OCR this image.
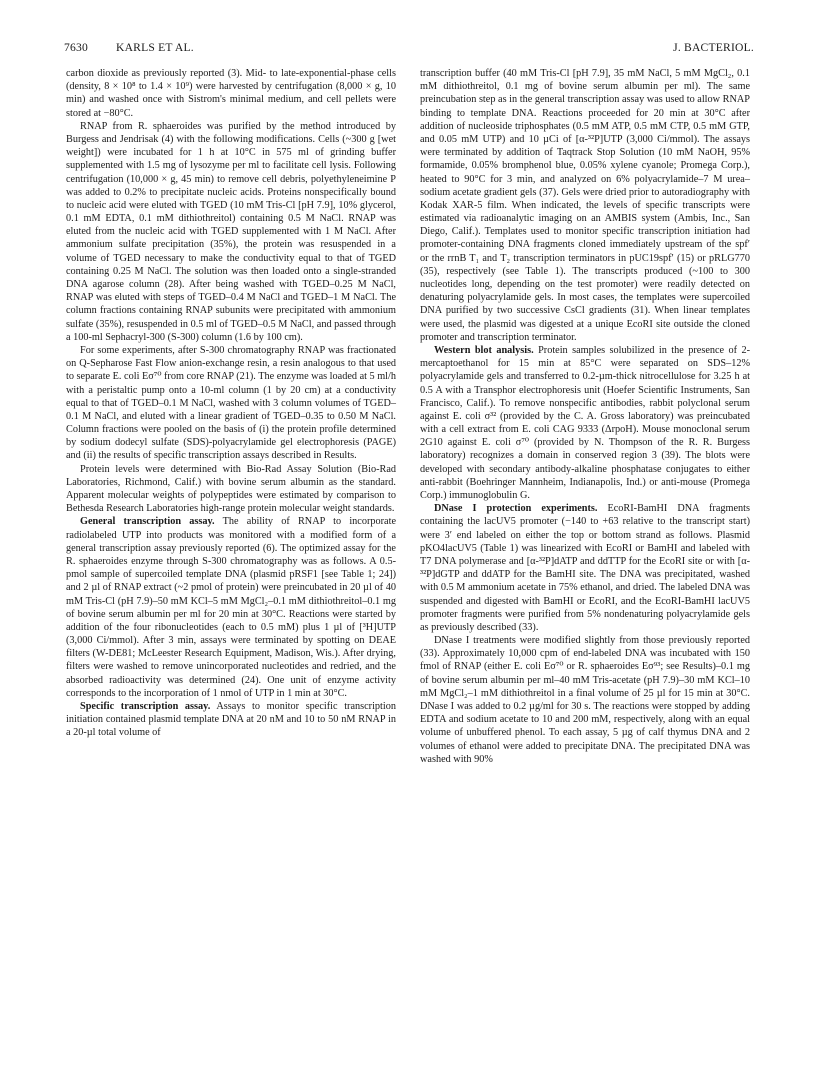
7630 KARLS ET AL.	J. BACTERIOL.

carbon dioxide as previously reported (3). Mid- to late-exponential-phase cells (density, 8 × 10⁸ to 1.4 × 10⁹) were harvested by centrifugation (8,000 × g, 10 min) and washed once with Sistrom's minimal medium, and cell pellets were stored at −80°C.

RNAP from R. sphaeroides was purified by the method introduced by Burgess and Jendrisak (4) with the following modifications. Cells (~300 g [wet weight]) were incubated for 1 h at 10°C in 575 ml of grinding buffer supplemented with 1.5 mg of lysozyme per ml to facilitate cell lysis. Following centrifugation (10,000 × g, 45 min) to remove cell debris, polyethyleneimine P was added to 0.2% to precipitate nucleic acids. Proteins nonspecifically bound to nucleic acid were eluted with TGED (10 mM Tris-Cl [pH 7.9], 10% glycerol, 0.1 mM EDTA, 0.1 mM dithiothreitol) containing 0.5 M NaCl. RNAP was eluted from the nucleic acid with TGED supplemented with 1 M NaCl. After ammonium sulfate precipitation (35%), the protein was resuspended in a volume of TGED necessary to make the conductivity equal to that of TGED containing 0.25 M NaCl. The solution was then loaded onto a single-stranded DNA agarose column (28). After being washed with TGED–0.25 M NaCl, RNAP was eluted with steps of TGED–0.4 M NaCl and TGED–1 M NaCl. The column fractions containing RNAP subunits were precipitated with ammonium sulfate (35%), resuspended in 0.5 ml of TGED–0.5 M NaCl, and passed through a 100-ml Sephacryl-300 (S-300) column (1.6 by 100 cm).

For some experiments, after S-300 chromatography RNAP was fractionated on Q-Sepharose Fast Flow anion-exchange resin, a resin analogous to that used to separate E. coli Eσ⁷⁰ from core RNAP (21). The enzyme was loaded at 5 ml/h with a peristaltic pump onto a 10-ml column (1 by 20 cm) at a conductivity equal to that of TGED–0.1 M NaCl, washed with 3 column volumes of TGED–0.1 M NaCl, and eluted with a linear gradient of TGED–0.35 to 0.50 M NaCl. Column fractions were pooled on the basis of (i) the protein profile determined by sodium dodecyl sulfate (SDS)-polyacrylamide gel electrophoresis (PAGE) and (ii) the results of specific transcription assays described in Results.

Protein levels were determined with Bio-Rad Assay Solution (Bio-Rad Laboratories, Richmond, Calif.) with bovine serum albumin as the standard. Apparent molecular weights of polypeptides were estimated by comparison to Bethesda Research Laboratories high-range protein molecular weight standards.

General transcription assay. The ability of RNAP to incorporate radiolabeled UTP into products was monitored with a modified form of a general transcription assay previously reported (6). The optimized assay for the R. sphaeroides enzyme through S-300 chromatography was as follows. A 0.5-pmol sample of supercoiled template DNA (plasmid pRSF1 [see Table 1; 24]) and 2 µl of RNAP extract (~2 pmol of protein) were preincubated in 20 µl of 40 mM Tris-Cl (pH 7.9)–50 mM KCl–5 mM MgCl₂–0.1 mM dithiothreitol–0.1 mg of bovine serum albumin per ml for 20 min at 30°C. Reactions were started by addition of the four ribonucleotides (each to 0.5 mM) plus 1 µl of [³H]UTP (3,000 Ci/mmol). After 3 min, assays were terminated by spotting on DEAE filters (W-DE81; McLeester Research Equipment, Madison, Wis.). After drying, filters were washed to remove unincorporated nucleotides and redried, and the absorbed radioactivity was determined (24). One unit of enzyme activity corresponds to the incorporation of 1 nmol of UTP in 1 min at 30°C.

Specific transcription assay. Assays to monitor specific transcription initiation contained plasmid template DNA at 20 nM and 10 to 50 nM RNAP in a 20-µl total volume of

transcription buffer (40 mM Tris-Cl [pH 7.9], 35 mM NaCl, 5 mM MgCl₂, 0.1 mM dithiothreitol, 0.1 mg of bovine serum albumin per ml). The same preincubation step as in the general transcription assay was used to allow RNAP binding to template DNA. Reactions proceeded for 20 min at 30°C after addition of nucleoside triphosphates (0.5 mM ATP, 0.5 mM CTP, 0.5 mM GTP, and 0.05 mM UTP) and 10 µCi of [α-³²P]UTP (3,000 Ci/mmol). The assays were terminated by addition of Taqtrack Stop Solution (10 mM NaOH, 95% formamide, 0.05% bromphenol blue, 0.05% xylene cyanole; Promega Corp.), heated to 90°C for 3 min, and analyzed on 6% polyacrylamide–7 M urea–sodium acetate gradient gels (37). Gels were dried prior to autoradiography with Kodak XAR-5 film. When indicated, the levels of specific transcripts were estimated via radioanalytic imaging on an AMBIS system (Ambis, Inc., San Diego, Calif.). Templates used to monitor specific transcription initiation had promoter-containing DNA fragments cloned immediately upstream of the spf′ or the rrnB T₁ and T₂ transcription terminators in pUC19spf′ (15) or pRLG770 (35), respectively (see Table 1). The transcripts produced (~100 to 300 nucleotides long, depending on the test promoter) were readily detected on denaturing polyacrylamide gels. In most cases, the templates were supercoiled DNA purified by two successive CsCl gradients (31). When linear templates were used, the plasmid was digested at a unique EcoRI site outside the cloned promoter and transcription terminator.

Western blot analysis. Protein samples solubilized in the presence of 2-mercaptoethanol for 15 min at 85°C were separated on SDS–12% polyacrylamide gels and transferred to 0.2-µm-thick nitrocellulose for 3.25 h at 0.5 A with a Transphor electrophoresis unit (Hoefer Scientific Instruments, San Francisco, Calif.). To remove nonspecific antibodies, rabbit polyclonal serum against E. coli σ³² (provided by the C. A. Gross laboratory) was preincubated with a cell extract from E. coli CAG 9333 (ΔrpoH). Mouse monoclonal serum 2G10 against E. coli σ⁷⁰ (provided by N. Thompson of the R. R. Burgess laboratory) recognizes a domain in conserved region 3 (39). The blots were developed with secondary antibody-alkaline phosphatase conjugates to either anti-rabbit (Boehringer Mannheim, Indianapolis, Ind.) or anti-mouse (Promega Corp.) immunoglobulin G.

DNase I protection experiments. EcoRI-BamHI DNA fragments containing the lacUV5 promoter (−140 to +63 relative to the transcript start) were 3′ end labeled on either the top or bottom strand as follows. Plasmid pKO4lacUV5 (Table 1) was linearized with EcoRI or BamHI and labeled with T7 DNA polymerase and [α-³²P]dATP and ddTTP for the EcoRI site or with [α-³²P]dGTP and ddATP for the BamHI site. The DNA was precipitated, washed with 0.5 M ammonium acetate in 75% ethanol, and dried. The labeled DNA was suspended and digested with BamHI or EcoRI, and the EcoRI-BamHI lacUV5 promoter fragments were purified from 5% nondenaturing polyacrylamide gels as previously described (33).

DNase I treatments were modified slightly from those previously reported (33). Approximately 10,000 cpm of end-labeled DNA was incubated with 150 fmol of RNAP (either E. coli Eσ⁷⁰ or R. sphaeroides Eσ⁹³; see Results)–0.1 mg of bovine serum albumin per ml–40 mM Tris-acetate (pH 7.9)–30 mM KCl–10 mM MgCl₂–1 mM dithiothreitol in a final volume of 25 µl for 15 min at 30°C. DNase I was added to 0.2 µg/ml for 30 s. The reactions were stopped by adding EDTA and sodium acetate to 10 and 200 mM, respectively, along with an equal volume of unbuffered phenol. To each assay, 5 µg of calf thymus DNA and 2 volumes of ethanol were added to precipitate DNA. The precipitated DNA was washed with 90%
